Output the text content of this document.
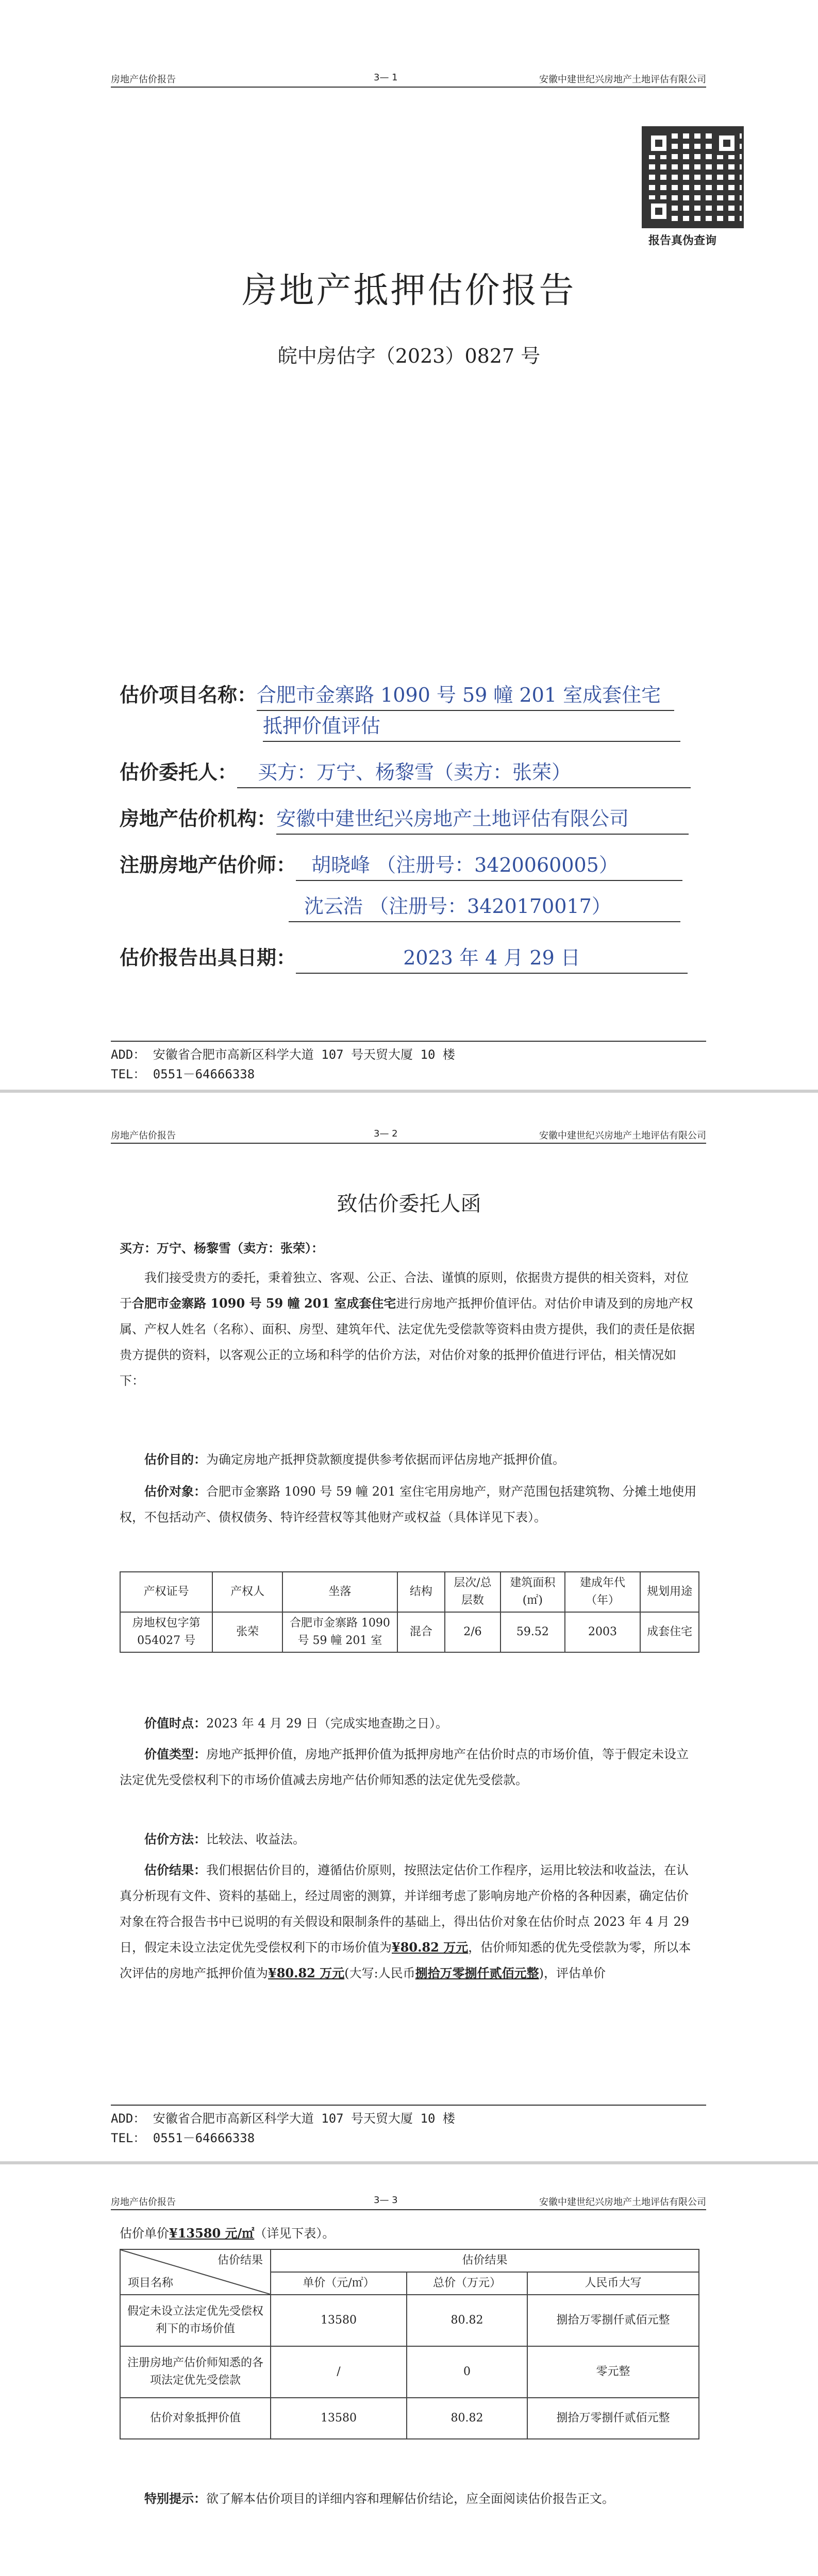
房地产估价报告	3— 1	安徽中建世纪兴房地产土地评估有限公司
报告真伪查询
房地产抵押估价报告
皖中房估字（2023）0827 号
估价项目名称：合肥市金寨路 1090 号 59 幢 201 室成套住宅
抵押价值评估
估价委托人： 买方：万宁、杨黎雪（卖方：张荣）
房地产估价机构：安徽中建世纪兴房地产土地评估有限公司
注册房地产估价师： 胡晓峰 （注册号：3420060005）
沈云浩 （注册号：3420170017）
估价报告出具日期：	2023 年 4 月 29 日
ADD： 安徽省合肥市高新区科学大道 107 号天贸大厦 10 楼
TEL： 0551－64666338
房地产估价报告	3— 2	安徽中建世纪兴房地产土地评估有限公司
致估价委托人函
买方：万宁、杨黎雪（卖方：张荣）：
我们接受贵方的委托，秉着独立、客观、公正、合法、谨慎的原则，依据贵方提供的相关资料，对位于合肥市金寨路 1090 号 59 幢 201 室成套住宅进行房地产抵押价值评估。对估价申请及到的房地产权属、产权人姓名（名称）、面积、房型、建筑年代、法定优先受偿款等资料由贵方提供，我们的责任是依据贵方提供的资料，以客观公正的立场和科学的估价方法，对估价对象的抵押价值进行评估，相关情况如下：
估价目的：为确定房地产抵押贷款额度提供参考依据而评估房地产抵押价值。
估价对象：合肥市金寨路 1090 号 59 幢 201 室住宅用房地产，财产范围包括建筑物、分摊土地使用权，不包括动产、债权债务、特许经营权等其他财产或权益（具体详见下表）。
产权证号	产权人	坐落	结构	层次/总层数	建筑面积(㎡)	建成年代（年）	规划用途
房地权包字第 054027 号	张荣	合肥市金寨路 1090 号 59 幢 201 室	混合	2/6	59.52	2003	成套住宅
价值时点：2023 年 4 月 29 日（完成实地查勘之日）。
价值类型：房地产抵押价值，房地产抵押价值为抵押房地产在估价时点的市场价值，等于假定未设立法定优先受偿权利下的市场价值减去房地产估价师知悉的法定优先受偿款。
估价方法：比较法、收益法。
估价结果：我们根据估价目的，遵循估价原则，按照法定估价工作程序，运用比较法和收益法，在认真分析现有文件、资料的基础上，经过周密的测算，并详细考虑了影响房地产价格的各种因素，确定估价对象在符合报告书中已说明的有关假设和限制条件的基础上，得出估价对象在估价时点 2023 年 4 月 29 日，假定未设立法定优先受偿权利下的市场价值为¥80.82 万元，估价师知悉的优先受偿款为零，所以本次评估的房地产抵押价值为¥80.82 万元(大写:人民币捌拾万零捌仟贰佰元整)，评估单价
ADD： 安徽省合肥市高新区科学大道 107 号天贸大厦 10 楼
TEL： 0551－64666338
房地产估价报告	3— 3	安徽中建世纪兴房地产土地评估有限公司
估价单价¥13580 元/㎡（详见下表）。
估价结果
项目名称	估价结果		
	单价（元/㎡）	总价（万元）	人民币大写
假定未设立法定优先受偿权利下的市场价值	13580	80.82	捌拾万零捌仟贰佰元整
注册房地产估价师知悉的各项法定优先受偿款	/	0	零元整
估价对象抵押价值	13580	80.82	捌拾万零捌仟贰佰元整
特别提示：欲了解本估价项目的详细内容和理解估价结论，应全面阅读估价报告正文。
